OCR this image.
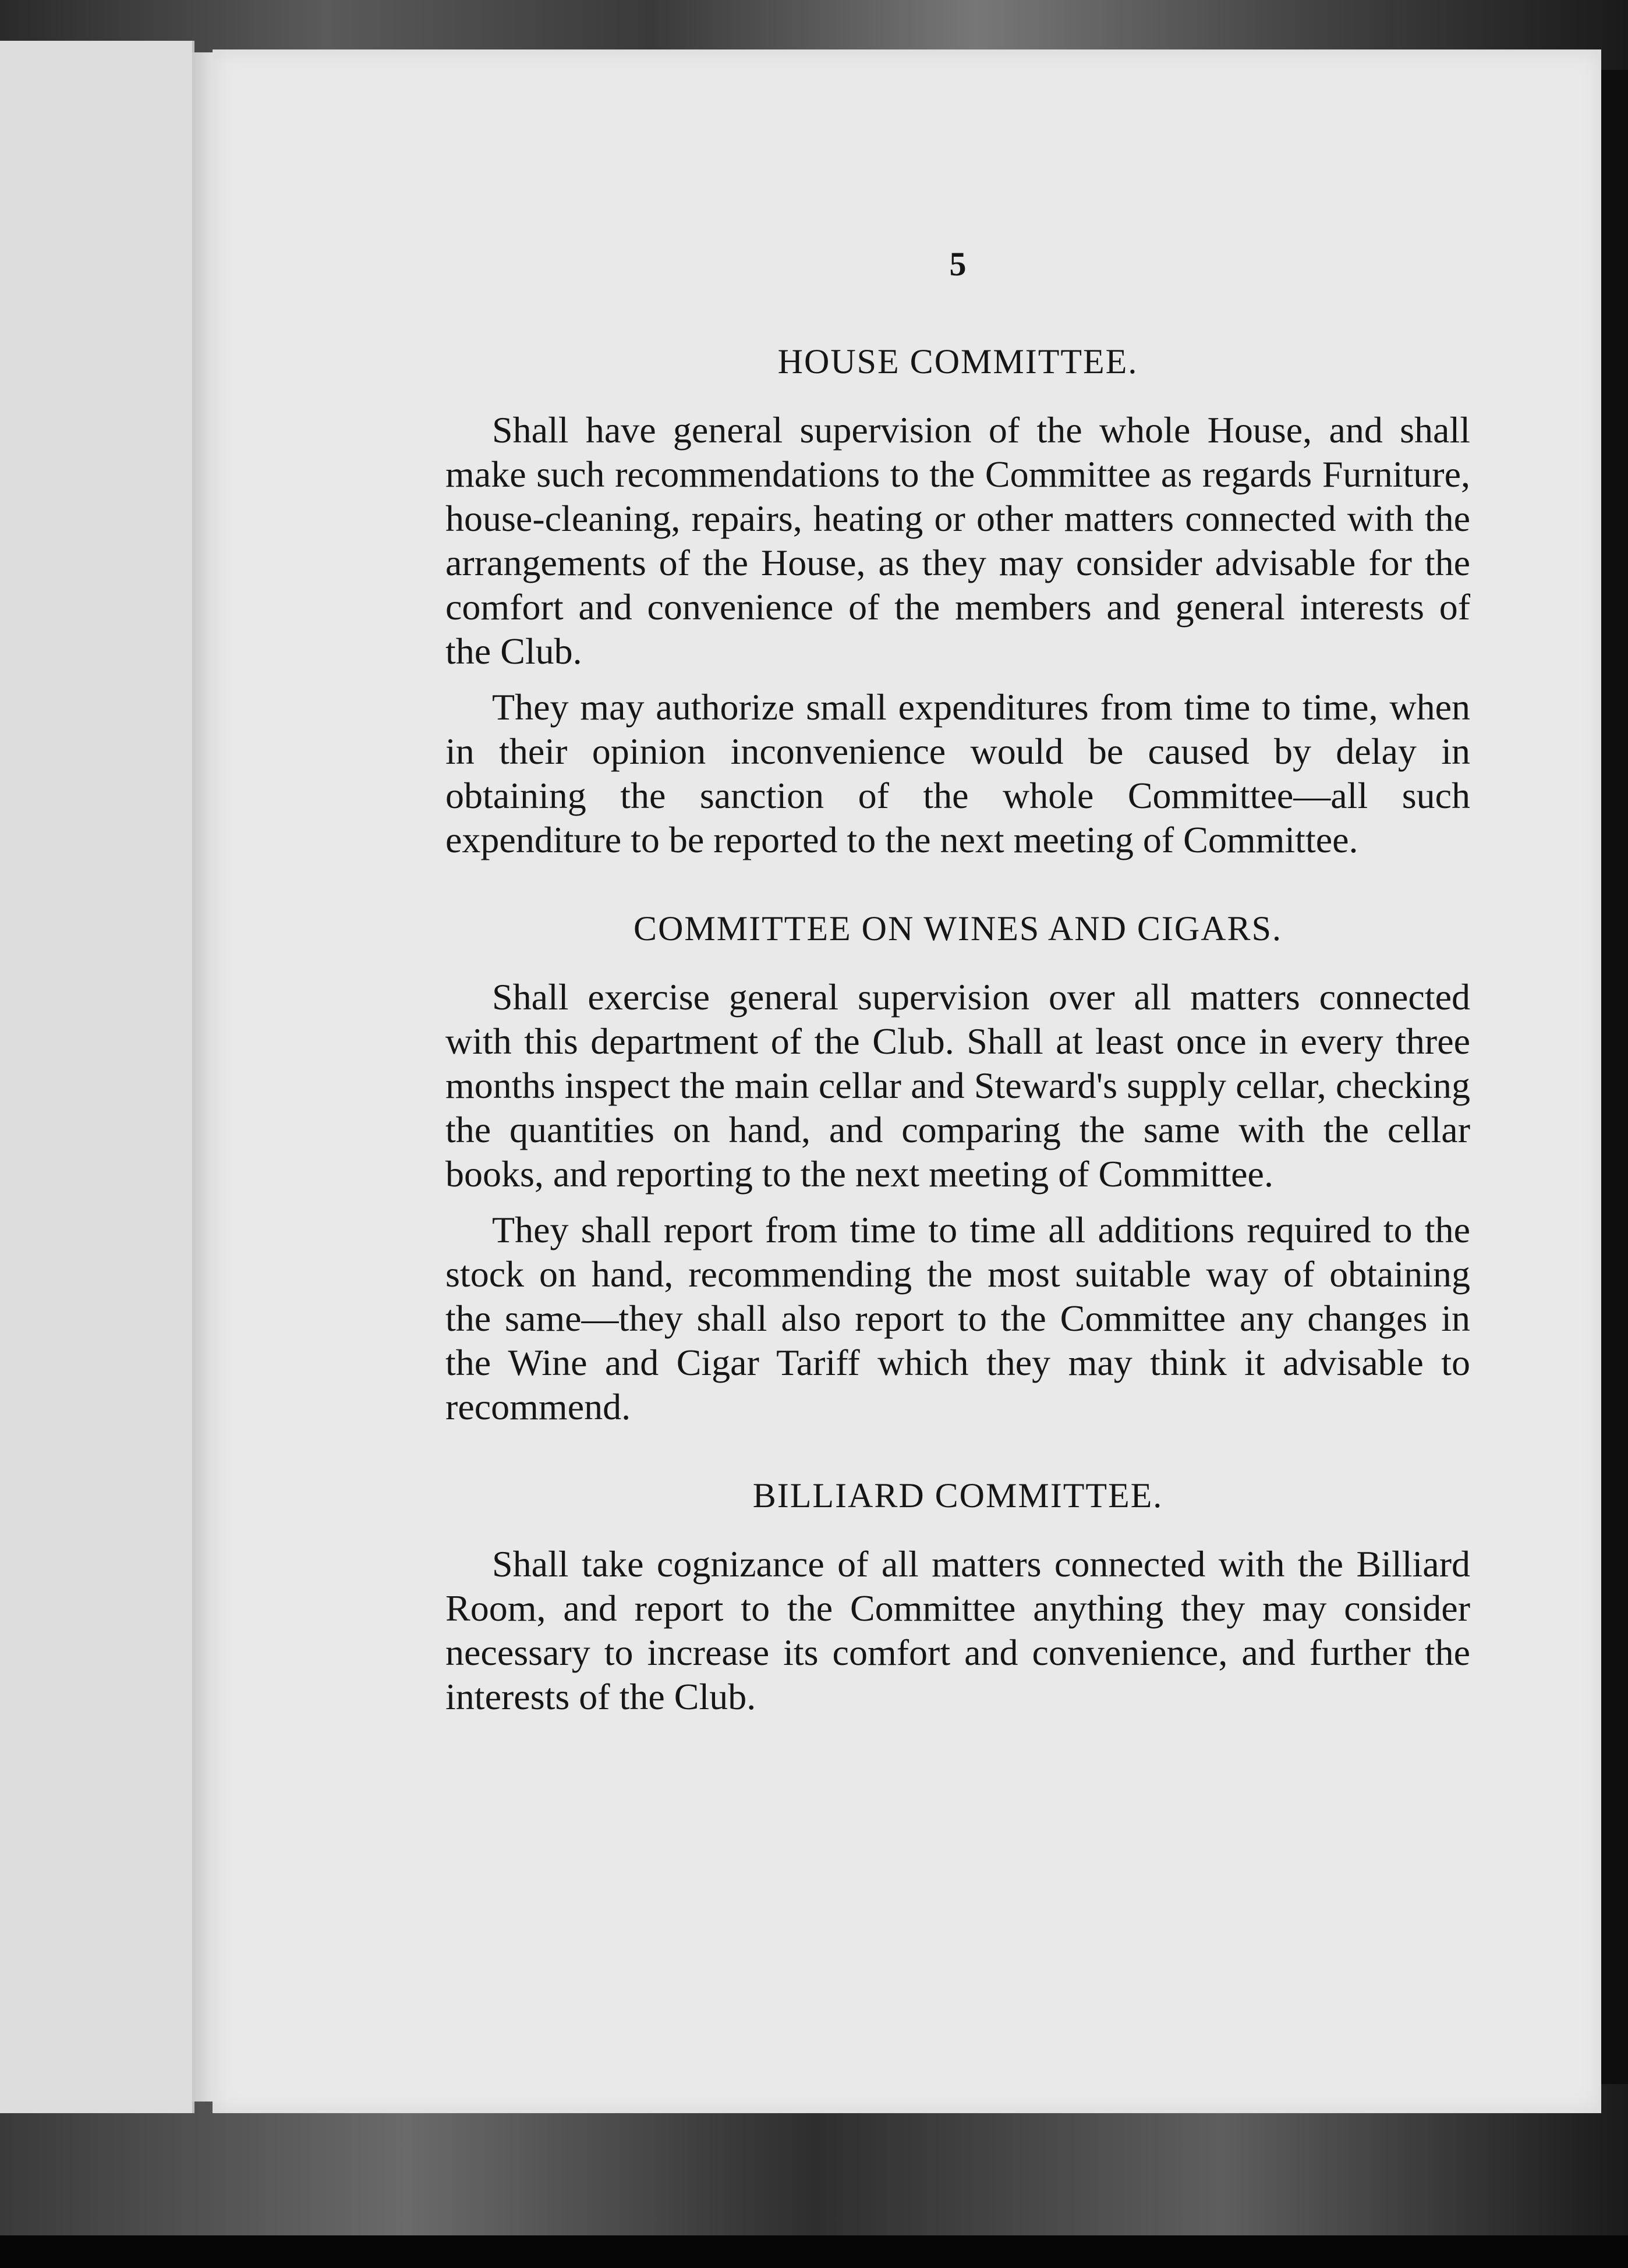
5
HOUSE COMMITTEE.

Shall have general supervision of the whole House, and shall make such recommendations to the Committee as regards Furniture, house-cleaning, repairs, heating or other matters connected with the arrangements of the House, as they may consider advisable for the comfort and convenience of the members and general interests of the Club.

They may authorize small expenditures from time to time, when in their opinion inconvenience would be caused by delay in obtaining the sanction of the whole Committee—all such expenditure to be reported to the next meeting of Committee.

COMMITTEE ON WINES AND CIGARS.

Shall exercise general supervision over all matters connected with this department of the Club. Shall at least once in every three months inspect the main cellar and Steward's supply cellar, checking the quantities on hand, and comparing the same with the cellar books, and reporting to the next meeting of Committee.

They shall report from time to time all additions required to the stock on hand, recommending the most suitable way of obtaining the same—they shall also report to the Committee any changes in the Wine and Cigar Tariff which they may think it advisable to recommend.

BILLIARD COMMITTEE.

Shall take cognizance of all matters connected with the Billiard Room, and report to the Committee anything they may consider necessary to increase its comfort and convenience, and further the interests of the Club.
